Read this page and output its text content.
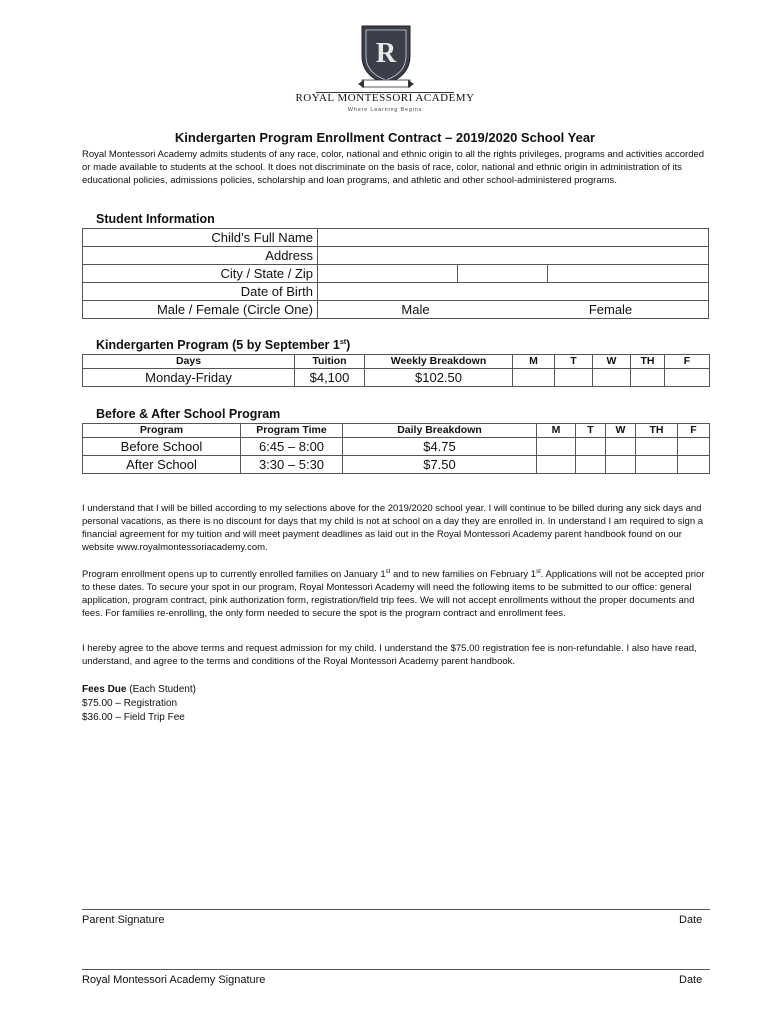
R
ROYAL MONTESSORI ACADEMY
Where Learning Begins
Kindergarten Program Enrollment Contract – 2019/2020 School Year
Royal Montessori Academy admits students of any race, color, national and ethnic origin to all the rights privileges, programs and activities accorded or made available to students at the school. It does not discriminate on the basis of race, color, national and ethnic origin in administration of its educational policies, admissions policies, scholarship and loan programs, and athletic and other school-administered programs.
Student Information
Child’s Full Name			
Address			
City / State / Zip			
Date of Birth			
Male / Female (Circle One)	Male Female		
Kindergarten Program (5 by September 1st)
Days	Tuition	Weekly Breakdown	M	T	W	TH	F
Monday-Friday	$4,100	$102.50					
Before & After School Program
Program	Program Time	Daily Breakdown	M	T	W	TH	F
Before School	6:45 – 8:00	$4.75					
After School	3:30 – 5:30	$7.50					
I understand that I will be billed according to my selections above for the 2019/2020 school year. I will continue to be billed during any sick days and personal vacations, as there is no discount for days that my child is not at school on a day they are enrolled in. In understand I am required to sign a financial agreement for my tuition and will meet payment deadlines as laid out in the Royal Montessori Academy parent handbook found on our website www.royalmontessoriacademy.com.
Program enrollment opens up to currently enrolled families on January 1st and to new families on February 1st. Applications will not be accepted prior to these dates. To secure your spot in our program, Royal Montessori Academy will need the following items to be submitted to our office: general application, program contract, pink authorization form, registration/field trip fees. We will not accept enrollments without the proper documents and fees. For families re-enrolling, the only form needed to secure the spot is the program contract and enrollment fees.
I hereby agree to the above terms and request admission for my child. I understand the $75.00 registration fee is non-refundable. I also have read, understand, and agree to the terms and conditions of the Royal Montessori Academy parent handbook.
Fees Due (Each Student)
$75.00 – Registration
$36.00 – Field Trip Fee
Parent Signature	Date
Royal Montessori Academy Signature	Date
